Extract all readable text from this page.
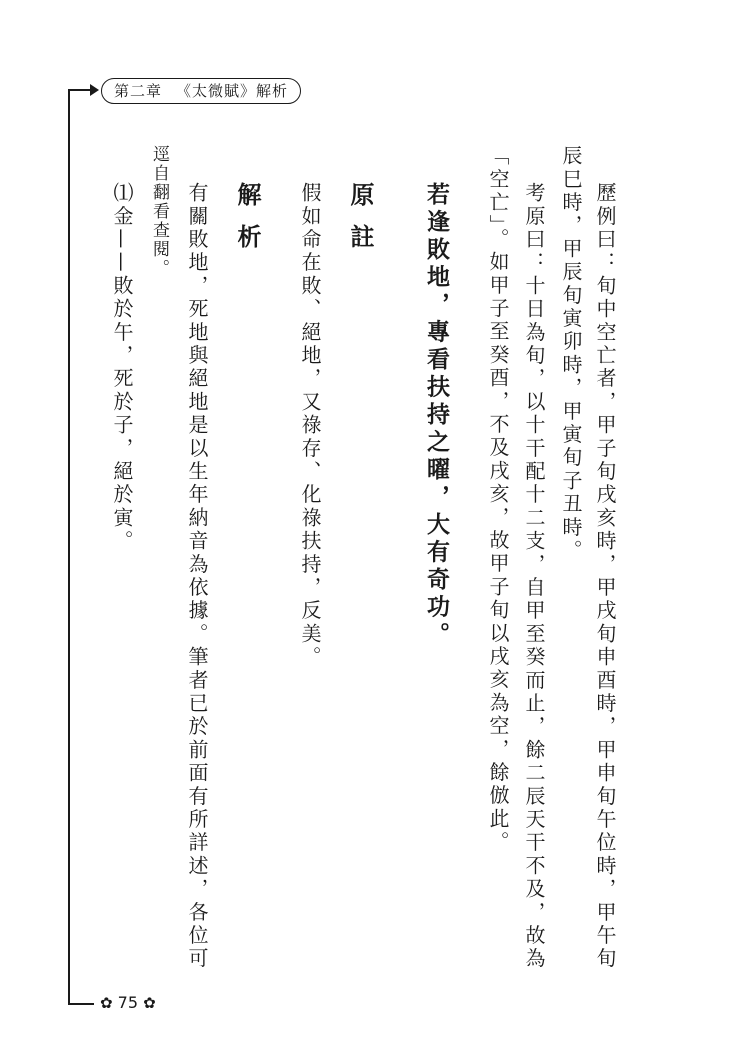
第二章 《太微賦》解析
歷例曰：旬中空亡者，甲子旬戌亥時，甲戌旬申酉時，甲申旬午位時，甲午旬
辰巳時，甲辰旬寅卯時，甲寅旬子丑時。
考原曰：十日為旬，以十干配十二支，自甲至癸而止，餘二辰天干不及，故為
「空亡」。如甲子至癸酉，不及戌亥，故甲子旬以戌亥為空，餘倣此。
若逢敗地，專看扶持之曜，大有奇功。
原註
假如命在敗、絕地，又祿存、化祿扶持，反美。
解析
有關敗地，死地與絕地是以生年納音為依據。筆者已於前面有所詳述，各位可
逕自翻看查閱。
⑴金——敗於午，死於子，絕於寅。
✿ 75 ✿
